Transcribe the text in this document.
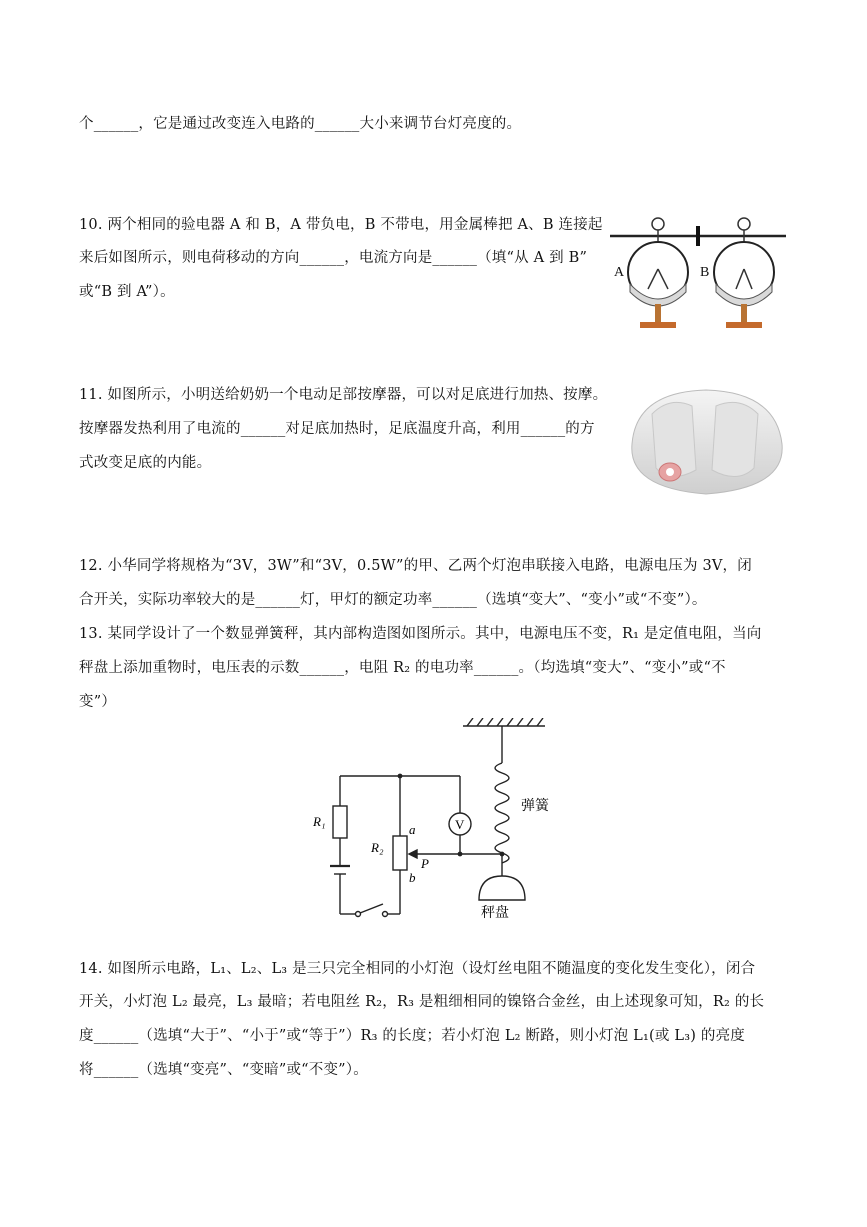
个______，它是通过改变连入电路的______大小来调节台灯亮度的。
10. 两个相同的验电器 A 和 B，A 带负电，B 不带电，用金属棒把 A、B 连接起
来后如图所示，则电荷移动的方向______，电流方向是______（填“从 A 到 B”
或“B 到 A”）。
A	B
11. 如图所示，小明送给奶奶一个电动足部按摩器，可以对足底进行加热、按摩。
按摩器发热利用了电流的______对足底加热时，足底温度升高，利用______的方
式改变足底的内能。
12. 小华同学将规格为“3V，3W”和“3V，0.5W”的甲、乙两个灯泡串联接入电路，电源电压为 3V，闭
合开关，实际功率较大的是______灯，甲灯的额定功率______（选填“变大”、“变小”或“不变”）。
13. 某同学设计了一个数显弹簧秤，其内部构造图如图所示。其中，电源电压不变，R₁ 是定值电阻，当向
秤盘上添加重物时，电压表的示数______，电阻 R₂ 的电功率______。（均选填“变大”、“变小”或“不
变”）
V
R₁
R₂
a
b
P
弹簧
秤盘
14. 如图所示电路，L₁、L₂、L₃ 是三只完全相同的小灯泡（设灯丝电阻不随温度的变化发生变化），闭合
开关，小灯泡 L₂ 最亮，L₃ 最暗；若电阻丝 R₂，R₃ 是粗细相同的镍铬合金丝，由上述现象可知，R₂ 的长
度______（选填“大于”、“小于”或“等于”）R₃ 的长度；若小灯泡 L₂ 断路，则小灯泡 L₁(或 L₃) 的亮度
将______（选填“变亮”、“变暗”或“不变”）。
